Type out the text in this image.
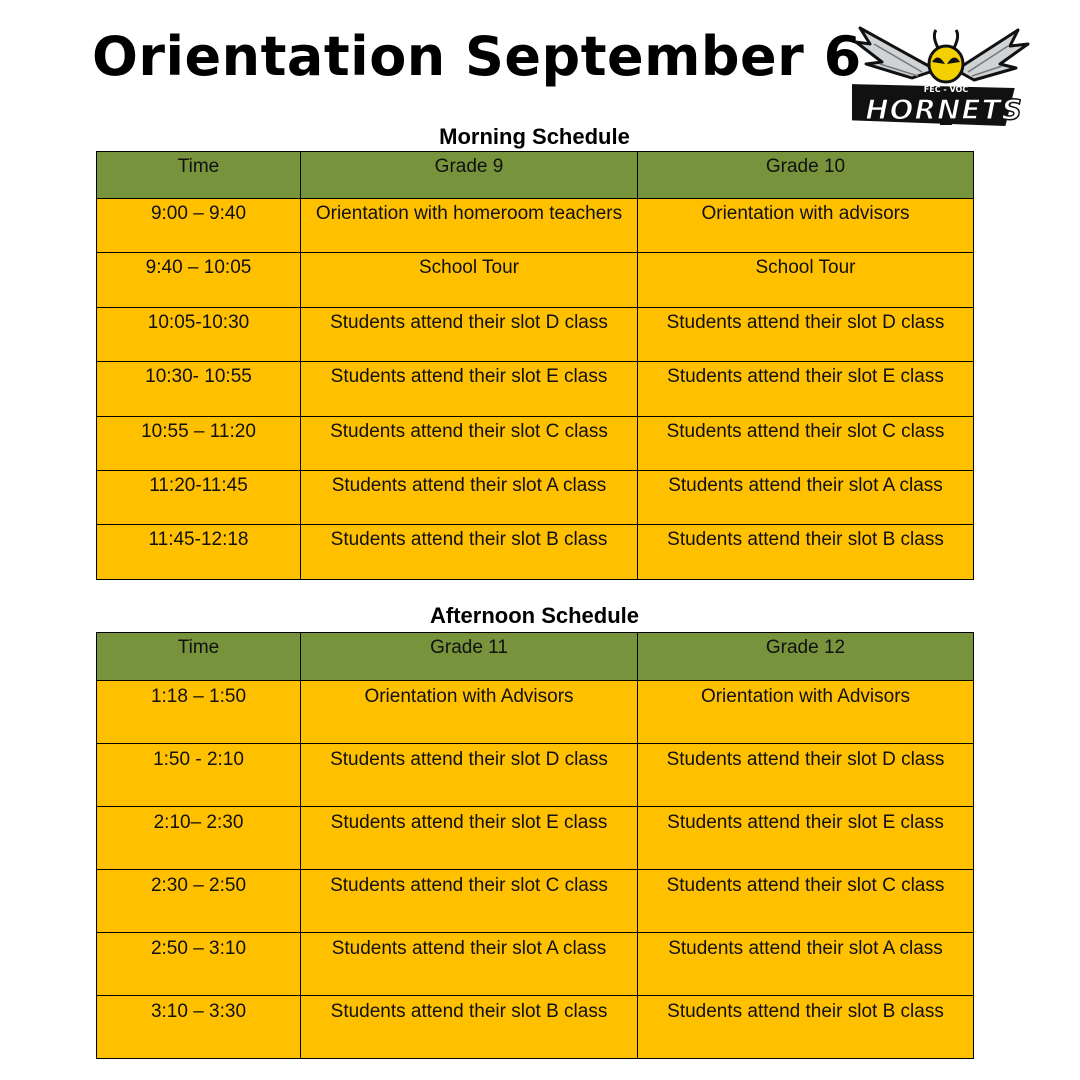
Orientation September 6
FEC - VOC
HORNETS
Morning Schedule
Time	Grade 9	Grade 10
9:00 – 9:40	Orientation with homeroom teachers	Orientation with advisors
9:40 – 10:05	School Tour	School Tour
10:05-10:30	Students attend their slot D class	Students attend their slot D class
10:30- 10:55	Students attend their slot E class	Students attend their slot E class
10:55 – 11:20	Students attend their slot C class	Students attend their slot C class
11:20-11:45	Students attend their slot A class	Students attend their slot A class
11:45-12:18	Students attend their slot B class	Students attend their slot B class
Afternoon Schedule
Time	Grade 11	Grade 12
1:18 – 1:50	Orientation with Advisors	Orientation with Advisors
1:50 - 2:10	Students attend their slot D class	Students attend their slot D class
2:10– 2:30	Students attend their slot E class	Students attend their slot E class
2:30 – 2:50	Students attend their slot C class	Students attend their slot C class
2:50 – 3:10	Students attend their slot A class	Students attend their slot A class
3:10 – 3:30	Students attend their slot B class	Students attend their slot B class
